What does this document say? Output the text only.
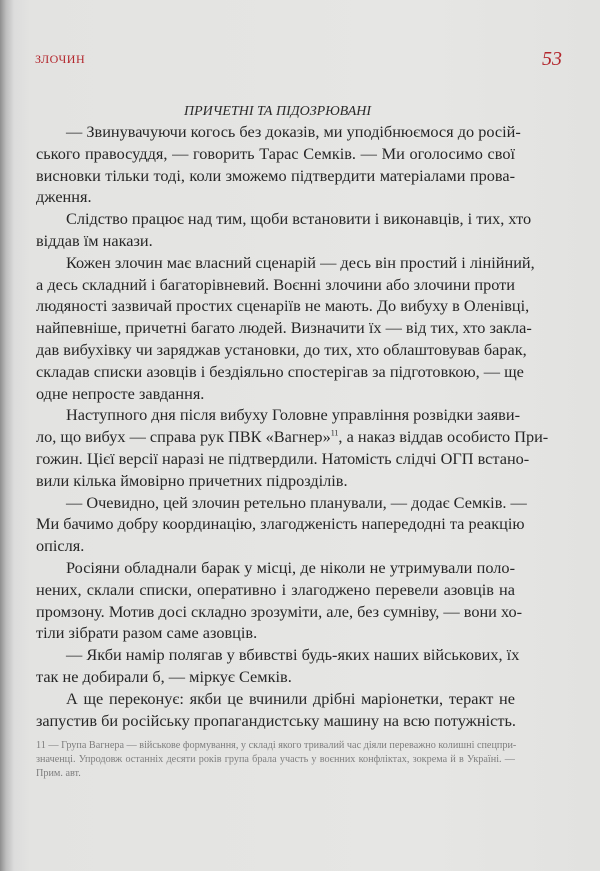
ЗЛОЧИН	53
ПРИЧЕТНІ ТА ПІДОЗРЮВАНІ
— Звинувачуючи когось без доказів, ми уподібнюємося до росій-
ського правосуддя, — говорить Тарас Семків. — Ми оголосимо свої
висновки тільки тоді, коли зможемо підтвердити матеріалами прова-
дження.
Слідство працює над тим, щоби встановити і виконавців, і тих, хто
віддав їм накази.
Кожен злочин має власний сценарій — десь він простий і лінійний,
а десь складний і багаторівневий. Воєнні злочини або злочини проти
людяності зазвичай простих сценаріїв не мають. До вибуху в Оленівці,
найпевніше, причетні багато людей. Визначити їх — від тих, хто закла-
дав вибухівку чи заряджав установки, до тих, хто облаштовував барак,
складав списки азовців і бездіяльно спостерігав за підготовкою, — ще
одне непросте завдання.
Наступного дня після вибуху Головне управління розвідки заяви-
ло, що вибух — справа рук ПВК «Вагнер»$^{11}$, а наказ віддав особисто При-
гожин. Цієї версії наразі не підтвердили. Натомість слідчі ОГП встано-
вили кілька ймовірно причетних підрозділів.
— Очевидно, цей злочин ретельно планували, — додає Семків. —
Ми бачимо добру координацію, злагодженість напередодні та реакцію
опісля.
Росіяни обладнали барак у місці, де ніколи не утримували поло-
нених, склали списки, оперативно і злагоджено перевели азовців на
промзону. Мотив досі складно зрозуміти, але, без сумніву, — вони хо-
тіли зібрати разом саме азовців.
— Якби намір полягав у вбивстві будь-яких наших військових, їх
так не добирали б, — міркує Семків.
А ще переконує: якби це вчинили дрібні маріонетки, теракт не
запустив би російську пропагандистську машину на всю потужність.
11 — Група Вагнера — військове формування, у складі якого тривалий час діяли переважно колишні спецпри-
значенці. Упродовж останніх десяти років група брала участь у воєнних конфліктах, зокрема й в Україні. —
Прим. авт.
